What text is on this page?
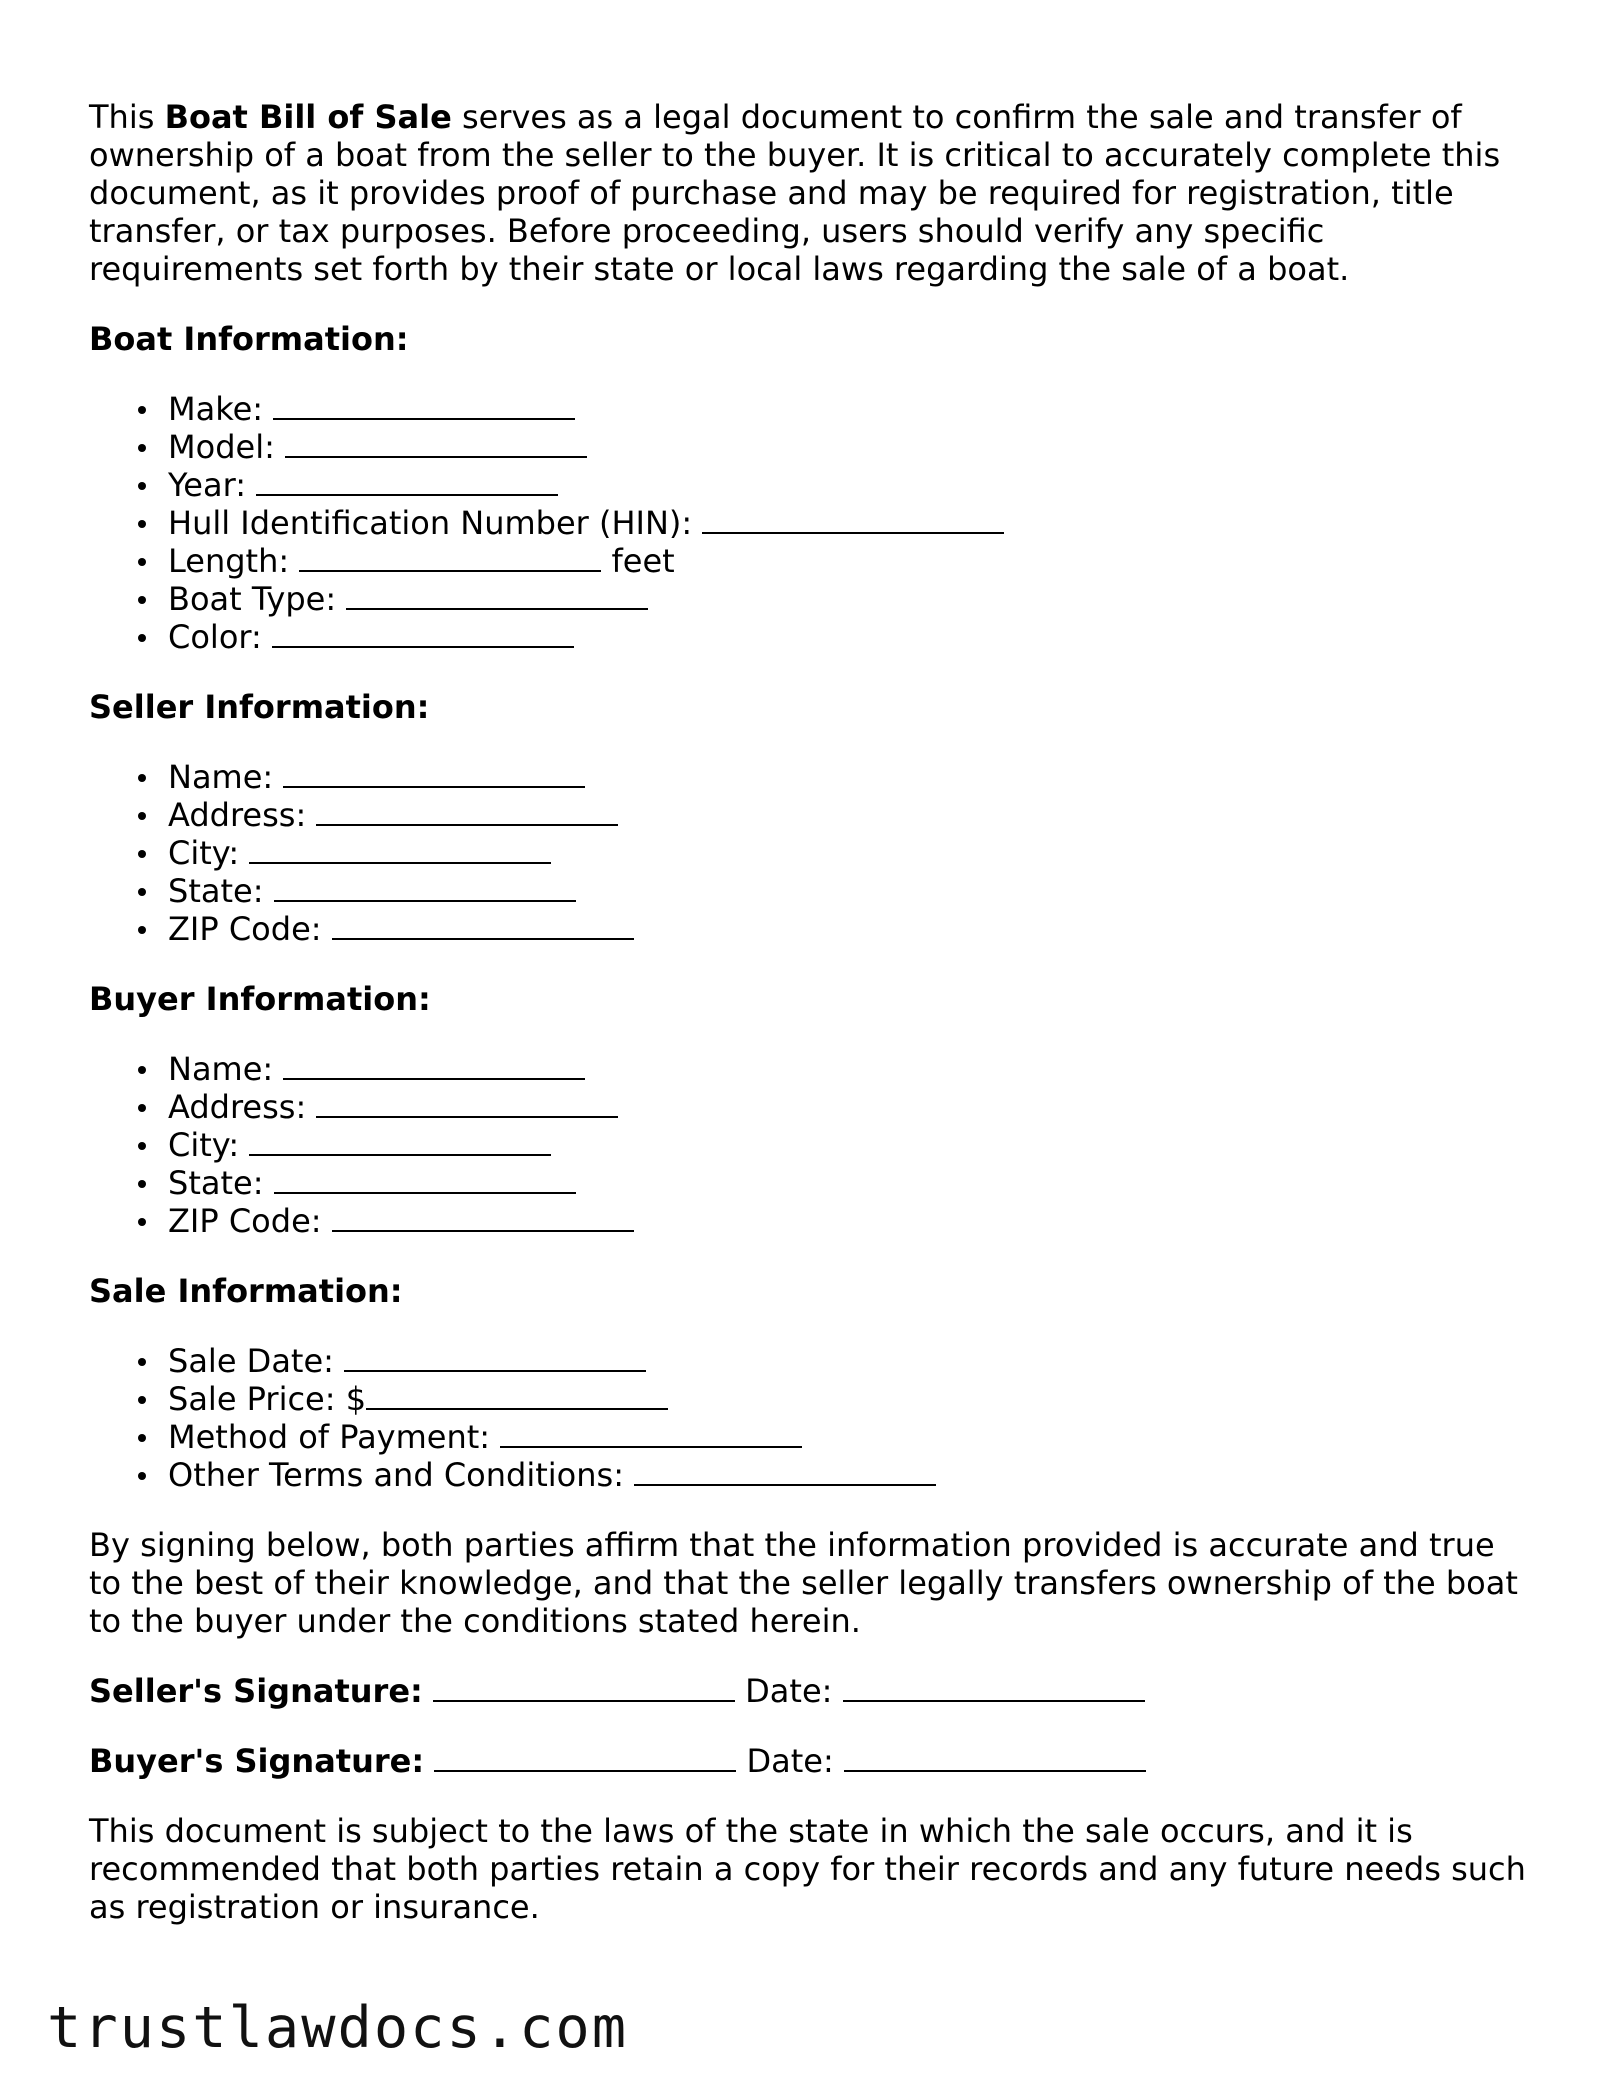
This Boat Bill of Sale serves as a legal document to confirm the sale and transfer of ownership of a boat from the seller to the buyer. It is critical to accurately complete this document, as it provides proof of purchase and may be required for registration, title transfer, or tax purposes. Before proceeding, users should verify any specific requirements set forth by their state or local laws regarding the sale of a boat.

Boat Information:

Make:
Model:
Year:
Hull Identification Number (HIN):
Length:	feet
Boat Type:
Color:

Seller Information:

Name:
Address:
City:
State:
ZIP Code:

Buyer Information:

Name:
Address:
City:
State:
ZIP Code:

Sale Information:

Sale Date:
Sale Price: $
Method of Payment:
Other Terms and Conditions:

By signing below, both parties affirm that the information provided is accurate and true to the best of their knowledge, and that the seller legally transfers ownership of the boat to the buyer under the conditions stated herein.

Seller's Signature:	Date:

Buyer's Signature:	Date:

This document is subject to the laws of the state in which the sale occurs, and it is recommended that both parties retain a copy for their records and any future needs such as registration or insurance.

trustlawdocs.com
